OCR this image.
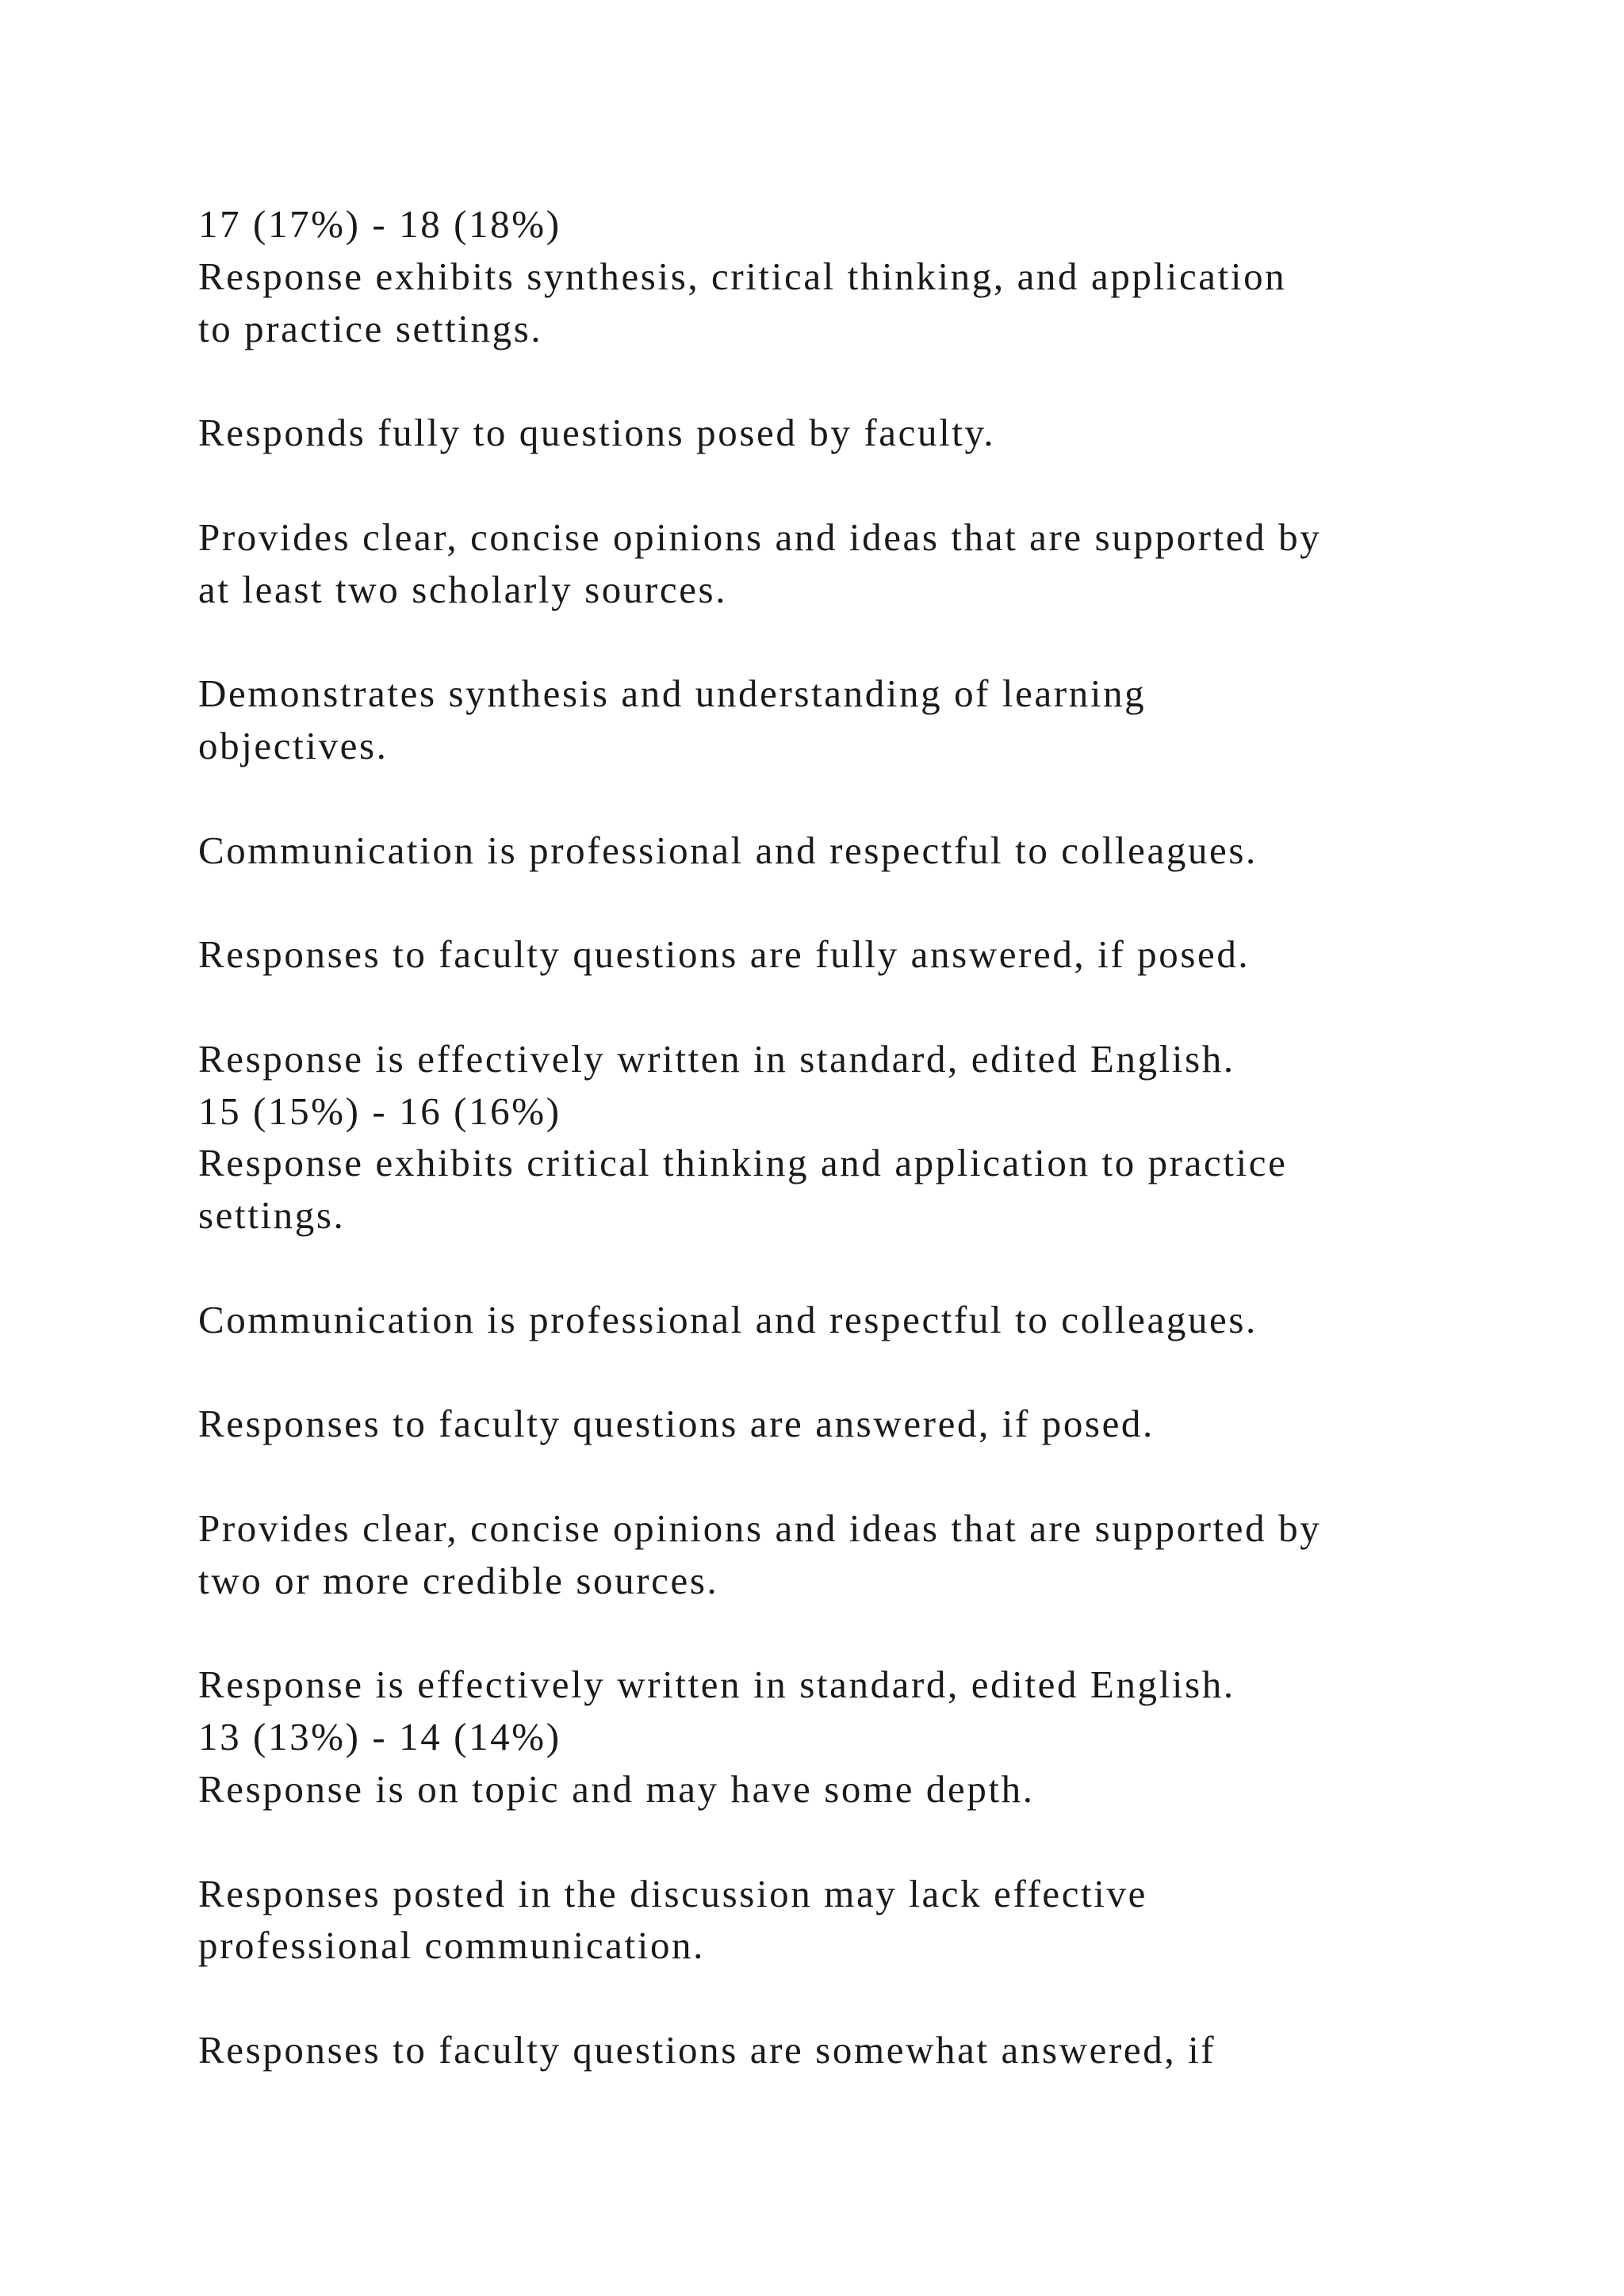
17 (17%) - 18 (18%)
Response exhibits synthesis, critical thinking, and application
to practice settings.
Responds fully to questions posed by faculty.
Provides clear, concise opinions and ideas that are supported by
at least two scholarly sources.
Demonstrates synthesis and understanding of learning
objectives.
Communication is professional and respectful to colleagues.
Responses to faculty questions are fully answered, if posed.
Response is effectively written in standard, edited English.
15 (15%) - 16 (16%)
Response exhibits critical thinking and application to practice
settings.
Communication is professional and respectful to colleagues.
Responses to faculty questions are answered, if posed.
Provides clear, concise opinions and ideas that are supported by
two or more credible sources.
Response is effectively written in standard, edited English.
13 (13%) - 14 (14%)
Response is on topic and may have some depth.
Responses posted in the discussion may lack effective
professional communication.
Responses to faculty questions are somewhat answered, if
